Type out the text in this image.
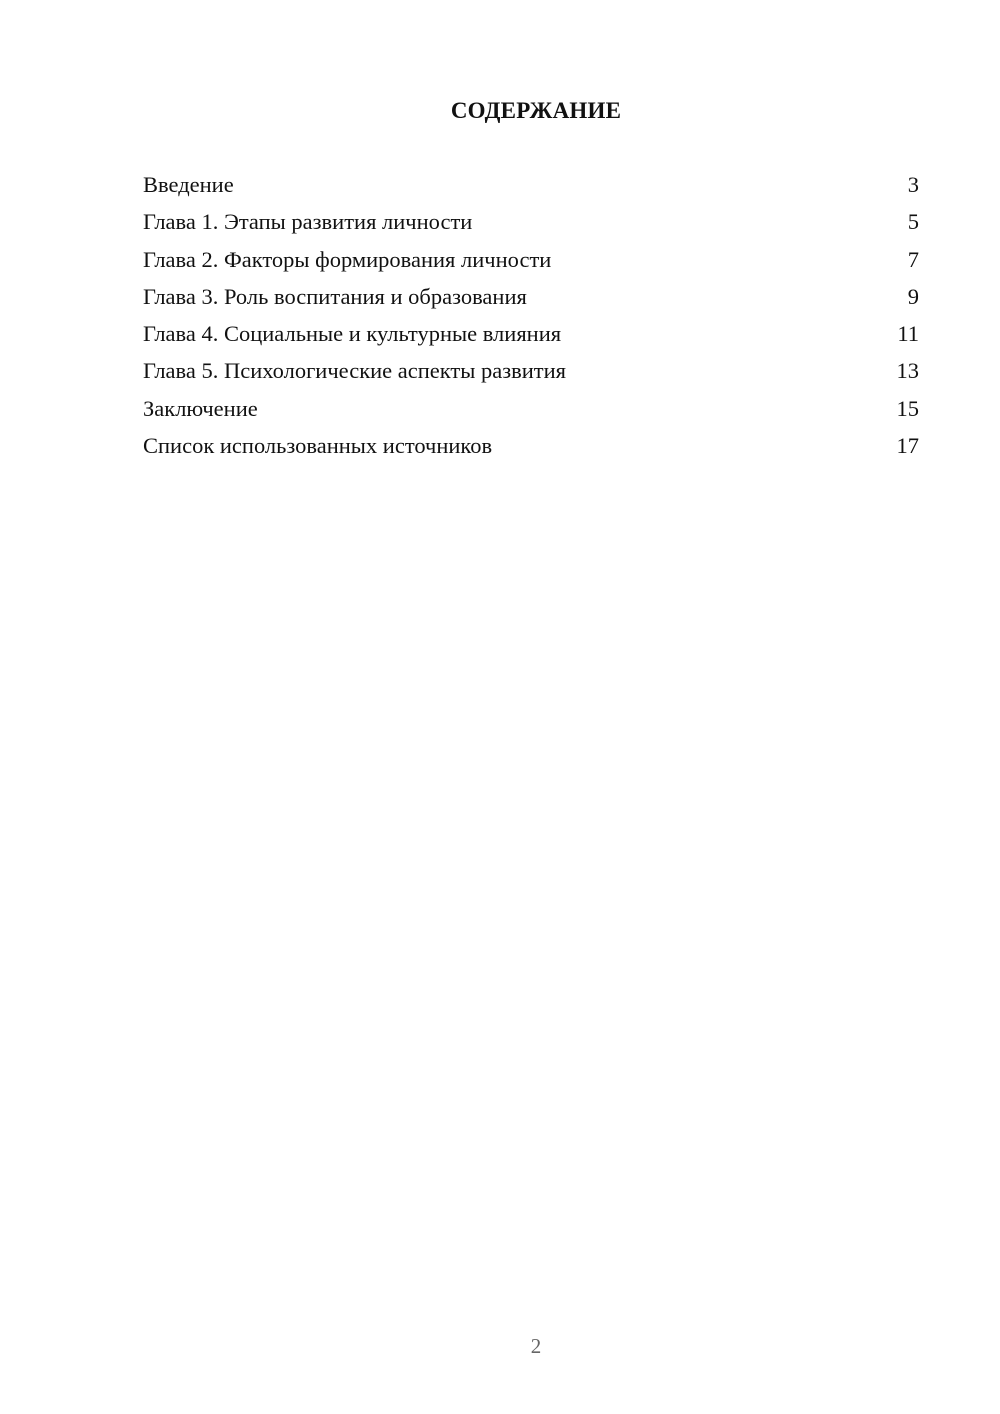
СОДЕРЖАНИЕ
Введение	3
Глава 1. Этапы развития личности	5
Глава 2. Факторы формирования личности	7
Глава 3. Роль воспитания и образования	9
Глава 4. Социальные и культурные влияния	11
Глава 5. Психологические аспекты развития	13
Заключение	15
Список использованных источников	17

2
